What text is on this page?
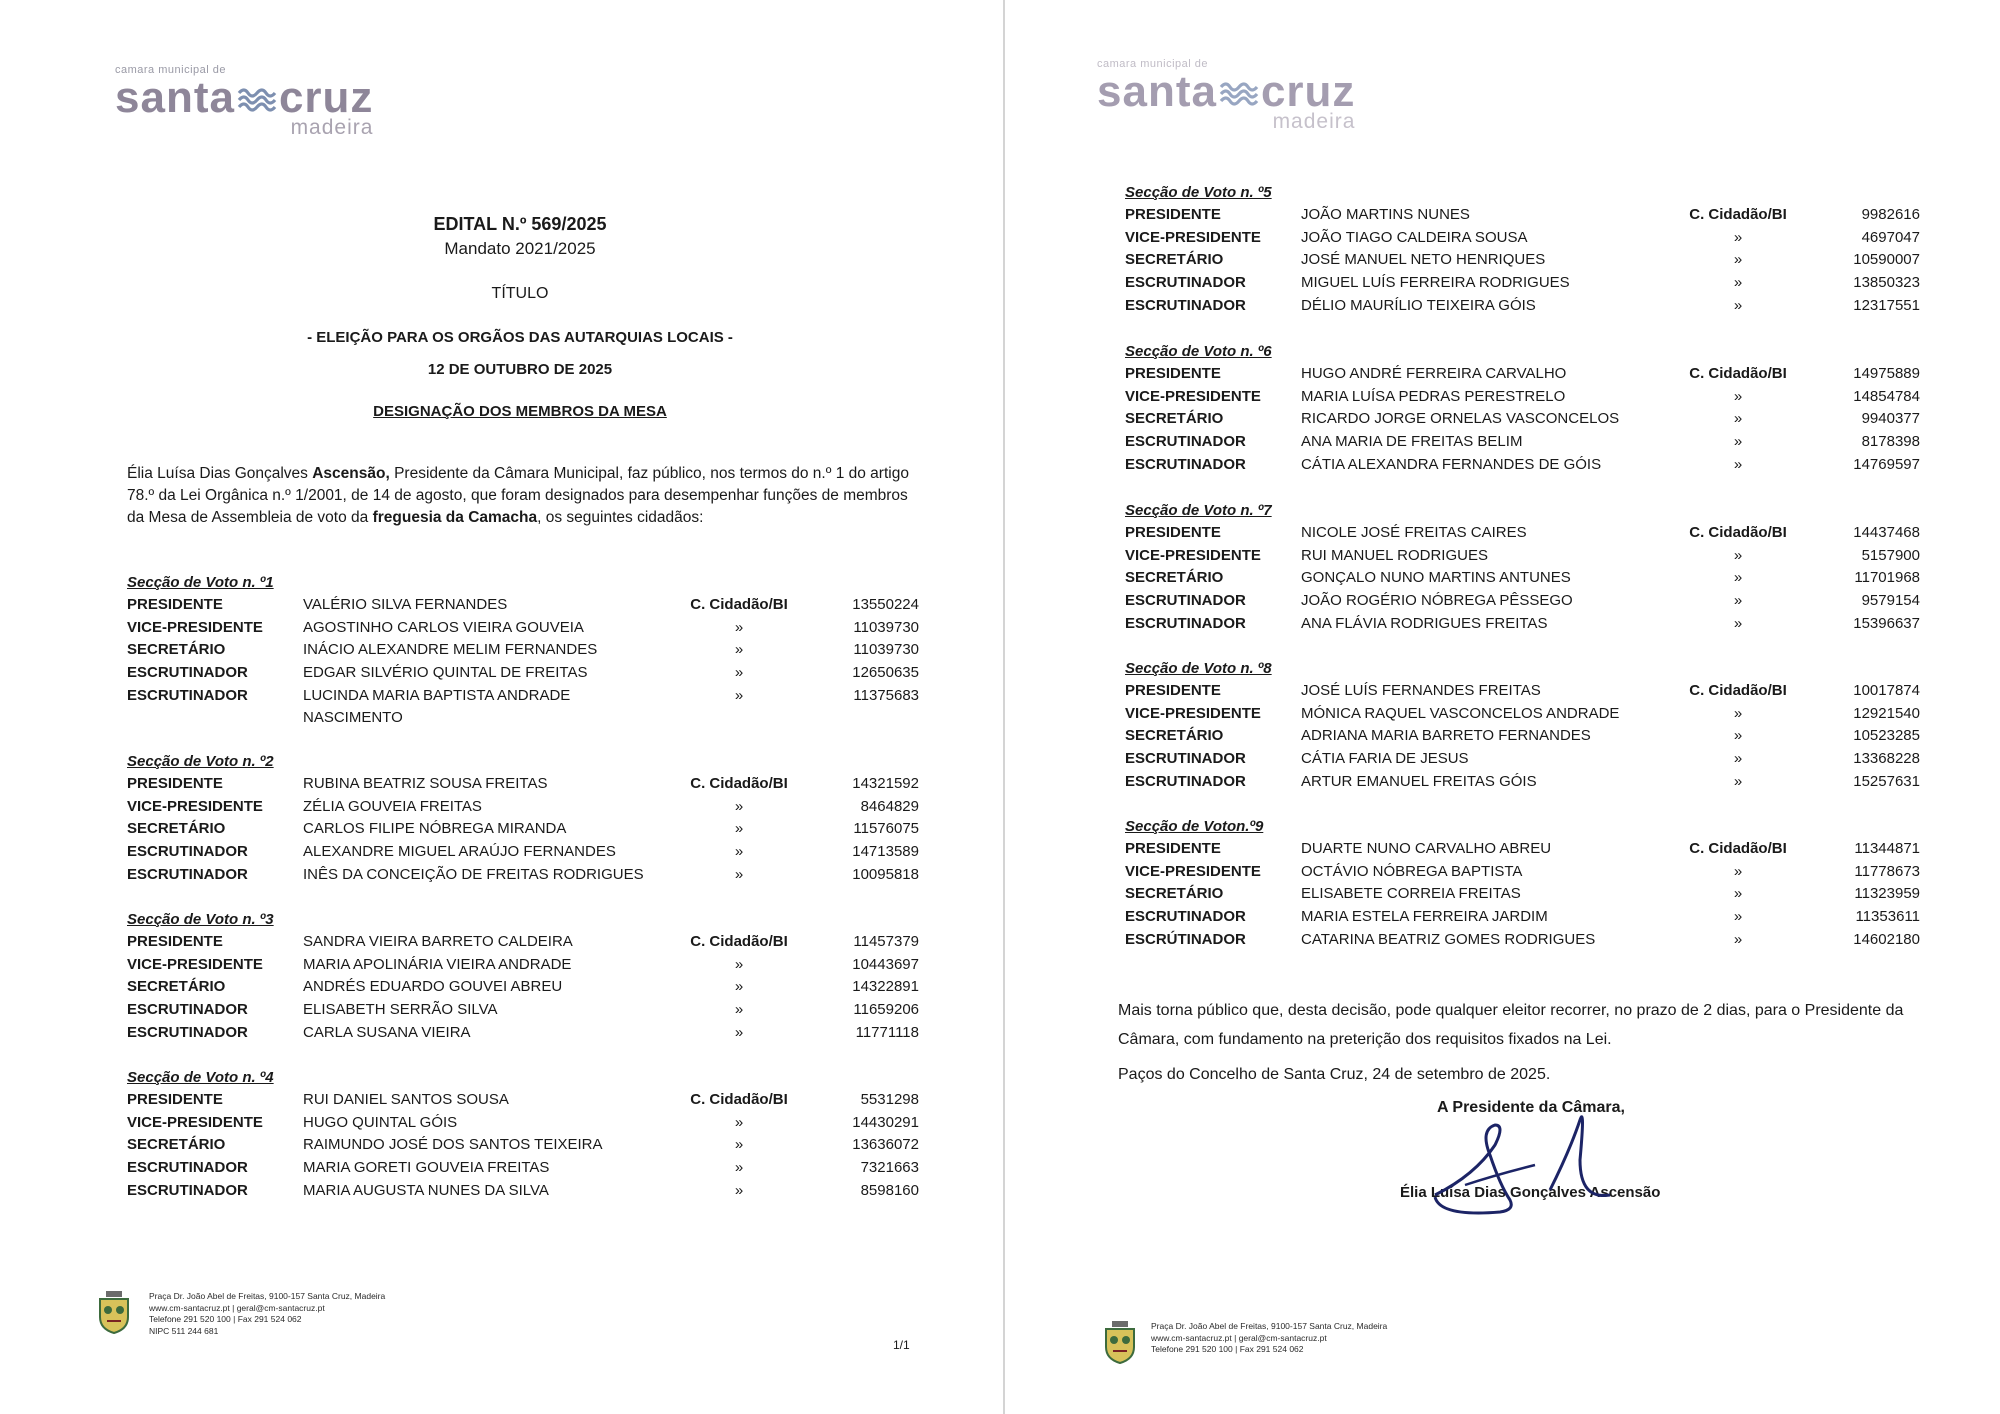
camara municipal de
santa cruz
madeira
EDITAL N.º 569/2025
Mandato 2021/2025
TÍTULO
- ELEIÇÃO PARA OS ORGÃOS DAS AUTARQUIAS LOCAIS -
12 DE OUTUBRO DE 2025
DESIGNAÇÃO DOS MEMBROS DA MESA
Élia Luísa Dias Gonçalves Ascensão, Presidente da Câmara Municipal, faz público, nos termos do n.º 1 do artigo 78.º da Lei Orgânica n.º 1/2001, de 14 de agosto, que foram designados para desempenhar funções de membros da Mesa de Assembleia de voto da freguesia da Camacha, os seguintes cidadãos:
Secção de Voto n. º1
PRESIDENTE	VALÉRIO SILVA FERNANDES	C. Cidadão/BI	13550224
VICE-PRESIDENTE	AGOSTINHO CARLOS VIEIRA GOUVEIA	»	11039730
SECRETÁRIO	INÁCIO ALEXANDRE MELIM FERNANDES	»	11039730
ESCRUTINADOR	EDGAR SILVÉRIO QUINTAL DE FREITAS	»	12650635
ESCRUTINADOR	LUCINDA MARIA BAPTISTA ANDRADE NASCIMENTO
»	11375683
Secção de Voto n. º2
PRESIDENTE	RUBINA BEATRIZ SOUSA FREITAS	C. Cidadão/BI	14321592
VICE-PRESIDENTE	ZÉLIA GOUVEIA FREITAS	»	8464829
SECRETÁRIO	CARLOS FILIPE NÓBREGA MIRANDA	»	11576075
ESCRUTINADOR	ALEXANDRE MIGUEL ARAÚJO FERNANDES	»	14713589
ESCRUTINADOR	INÊS DA CONCEIÇÃO DE FREITAS RODRIGUES	»	10095818
Secção de Voto n. º3
PRESIDENTE	SANDRA VIEIRA BARRETO CALDEIRA	C. Cidadão/BI	11457379
VICE-PRESIDENTE	MARIA APOLINÁRIA VIEIRA ANDRADE	»	10443697
SECRETÁRIO	ANDRÉS EDUARDO GOUVEI ABREU	»	14322891
ESCRUTINADOR	ELISABETH SERRÃO SILVA	»	11659206
ESCRUTINADOR	CARLA SUSANA VIEIRA	»	11771118
Secção de Voto n. º4
PRESIDENTE	RUI DANIEL SANTOS SOUSA	C. Cidadão/BI	5531298
VICE-PRESIDENTE	HUGO QUINTAL GÓIS	»	14430291
SECRETÁRIO	RAIMUNDO JOSÉ DOS SANTOS TEIXEIRA	»	13636072
ESCRUTINADOR	MARIA GORETI GOUVEIA FREITAS	»	7321663
ESCRUTINADOR	MARIA AUGUSTA NUNES DA SILVA	»	8598160
Praça Dr. João Abel de Freitas, 9100-157 Santa Cruz, Madeira
www.cm-santacruz.pt | geral@cm-santacruz.pt
Telefone 291 520 100 | Fax 291 524 062
NIPC 511 244 681
1/1
camara municipal de
santa cruz
madeira
Secção de Voto n. º5
PRESIDENTE	JOÃO MARTINS NUNES	C. Cidadão/BI	9982616
VICE-PRESIDENTE	JOÃO TIAGO CALDEIRA SOUSA	»	4697047
SECRETÁRIO	JOSÉ MANUEL NETO HENRIQUES	»	10590007
ESCRUTINADOR	MIGUEL LUÍS FERREIRA RODRIGUES	»	13850323
ESCRUTINADOR	DÉLIO MAURÍLIO TEIXEIRA GÓIS	»	12317551
Secção de Voto n. º6
PRESIDENTE	HUGO ANDRÉ FERREIRA CARVALHO	C. Cidadão/BI	14975889
VICE-PRESIDENTE	MARIA LUÍSA PEDRAS PERESTRELO	»	14854784
SECRETÁRIO	RICARDO JORGE ORNELAS VASCONCELOS	»	9940377
ESCRUTINADOR	ANA MARIA DE FREITAS BELIM	»	8178398
ESCRUTINADOR	CÁTIA ALEXANDRA FERNANDES DE GÓIS	»	14769597
Secção de Voto n. º7
PRESIDENTE	NICOLE JOSÉ FREITAS CAIRES	C. Cidadão/BI	14437468
VICE-PRESIDENTE	RUI MANUEL RODRIGUES	»	5157900
SECRETÁRIO	GONÇALO NUNO MARTINS ANTUNES	»	11701968
ESCRUTINADOR	JOÃO ROGÉRIO NÓBREGA PÊSSEGO	»	9579154
ESCRUTINADOR	ANA FLÁVIA RODRIGUES FREITAS	»	15396637
Secção de Voto n. º8
PRESIDENTE	JOSÉ LUÍS FERNANDES FREITAS	C. Cidadão/BI	10017874
VICE-PRESIDENTE	MÓNICA RAQUEL VASCONCELOS ANDRADE	»	12921540
SECRETÁRIO	ADRIANA MARIA BARRETO FERNANDES	»	10523285
ESCRUTINADOR	CÁTIA FARIA DE JESUS	»	13368228
ESCRUTINADOR	ARTUR EMANUEL FREITAS GÓIS	»	15257631
Secção de Voton.º9
PRESIDENTE	DUARTE NUNO CARVALHO ABREU	C. Cidadão/BI	11344871
VICE-PRESIDENTE	OCTÁVIO NÓBREGA BAPTISTA	»	11778673
SECRETÁRIO	ELISABETE CORREIA FREITAS	»	11323959
ESCRUTINADOR	MARIA ESTELA FERREIRA JARDIM	»	11353611
ESCRÚTINADOR	CATARINA BEATRIZ GOMES RODRIGUES	»	14602180
Praça Dr. João Abel de Freitas, 9100-157 Santa Cruz, Madeira
www.cm-santacruz.pt | geral@cm-santacruz.pt
Telefone 291 520 100 | Fax 291 524 062
Mais torna público que, desta decisão, pode qualquer eleitor recorrer, no prazo de 2 dias, para o Presidente da Câmara, com fundamento na preterição dos requisitos fixados na Lei.
Paços do Concelho de Santa Cruz, 24 de setembro de 2025.
A Presidente da Câmara,
Élia Luísa Dias Gonçalves Ascensão
